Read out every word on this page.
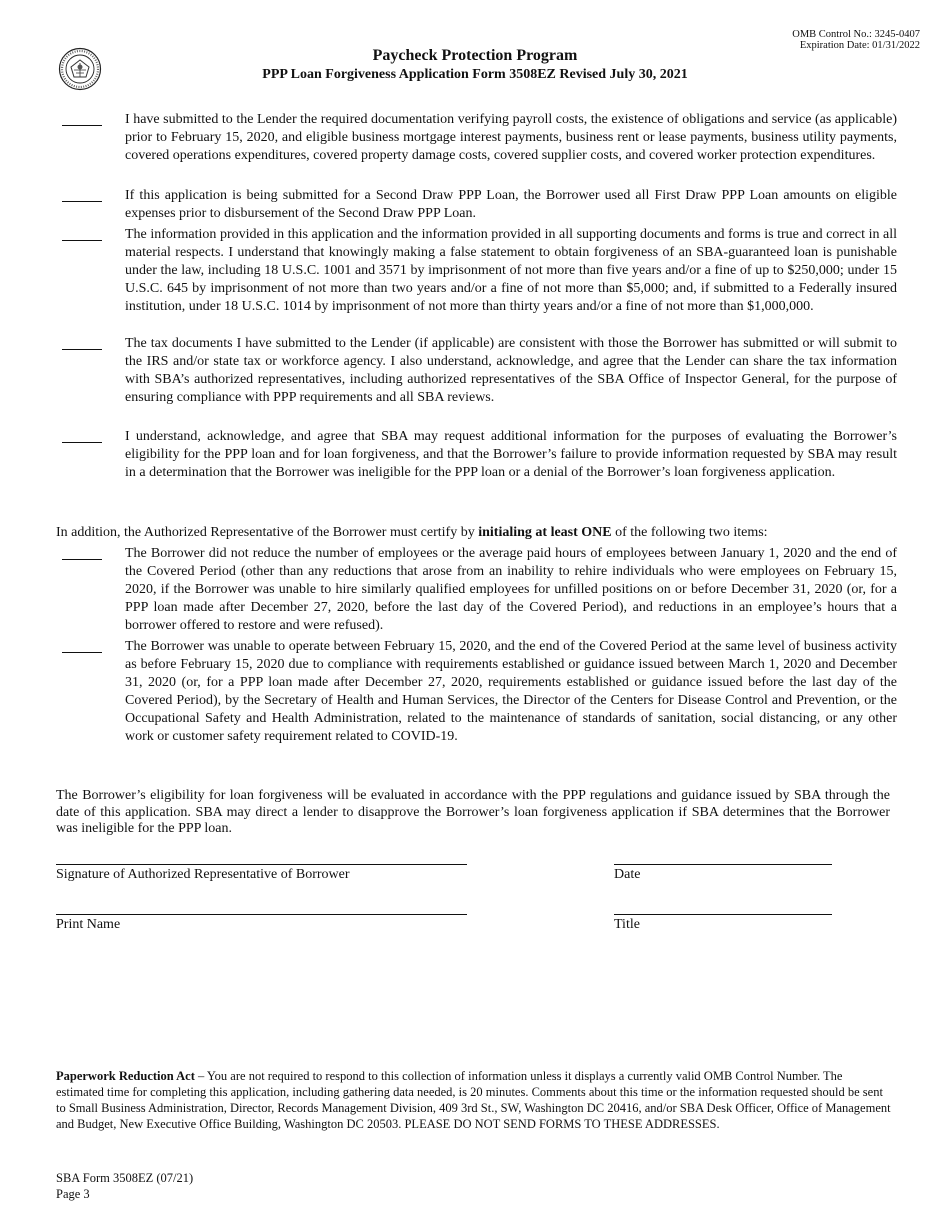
OMB Control No.: 3245-0407
Expiration Date: 01/31/2022
Paycheck Protection Program
PPP Loan Forgiveness Application Form 3508EZ Revised July 30, 2021
I have submitted to the Lender the required documentation verifying payroll costs, the existence of obligations and service (as applicable) prior to February 15, 2020, and eligible business mortgage interest payments, business rent or lease payments, business utility payments, covered operations expenditures, covered property damage costs, covered supplier costs, and covered worker protection expenditures.
If this application is being submitted for a Second Draw PPP Loan, the Borrower used all First Draw PPP Loan amounts on eligible expenses prior to disbursement of the Second Draw PPP Loan.
The information provided in this application and the information provided in all supporting documents and forms is true and correct in all material respects. I understand that knowingly making a false statement to obtain forgiveness of an SBA-guaranteed loan is punishable under the law, including 18 U.S.C. 1001 and 3571 by imprisonment of not more than five years and/or a fine of up to $250,000; under 15 U.S.C. 645 by imprisonment of not more than two years and/or a fine of not more than $5,000; and, if submitted to a Federally insured institution, under 18 U.S.C. 1014 by imprisonment of not more than thirty years and/or a fine of not more than $1,000,000.
The tax documents I have submitted to the Lender (if applicable) are consistent with those the Borrower has submitted or will submit to the IRS and/or state tax or workforce agency. I also understand, acknowledge, and agree that the Lender can share the tax information with SBA’s authorized representatives, including authorized representatives of the SBA Office of Inspector General, for the purpose of ensuring compliance with PPP requirements and all SBA reviews.
I understand, acknowledge, and agree that SBA may request additional information for the purposes of evaluating the Borrower’s eligibility for the PPP loan and for loan forgiveness, and that the Borrower’s failure to provide information requested by SBA may result in a determination that the Borrower was ineligible for the PPP loan or a denial of the Borrower’s loan forgiveness application.
In addition, the Authorized Representative of the Borrower must certify by initialing at least ONE of the following two items:
The Borrower did not reduce the number of employees or the average paid hours of employees between January 1, 2020 and the end of the Covered Period (other than any reductions that arose from an inability to rehire individuals who were employees on February 15, 2020, if the Borrower was unable to hire similarly qualified employees for unfilled positions on or before December 31, 2020 (or, for a PPP loan made after December 27, 2020, before the last day of the Covered Period), and reductions in an employee’s hours that a borrower offered to restore and were refused).
The Borrower was unable to operate between February 15, 2020, and the end of the Covered Period at the same level of business activity as before February 15, 2020 due to compliance with requirements established or guidance issued between March 1, 2020 and December 31, 2020 (or, for a PPP loan made after December 27, 2020, requirements established or guidance issued before the last day of the Covered Period), by the Secretary of Health and Human Services, the Director of the Centers for Disease Control and Prevention, or the Occupational Safety and Health Administration, related to the maintenance of standards of sanitation, social distancing, or any other work or customer safety requirement related to COVID-19.
The Borrower’s eligibility for loan forgiveness will be evaluated in accordance with the PPP regulations and guidance issued by SBA through the date of this application. SBA may direct a lender to disapprove the Borrower’s loan forgiveness application if SBA determines that the Borrower was ineligible for the PPP loan.
Signature of Authorized Representative of Borrower	Date
Print Name	Title
Paperwork Reduction Act – You are not required to respond to this collection of information unless it displays a currently valid OMB Control Number. The estimated time for completing this application, including gathering data needed, is 20 minutes. Comments about this time or the information requested should be sent to Small Business Administration, Director, Records Management Division, 409 3rd St., SW, Washington DC 20416, and/or SBA Desk Officer, Office of Management and Budget, New Executive Office Building, Washington DC 20503. PLEASE DO NOT SEND FORMS TO THESE ADDRESSES.
SBA Form 3508EZ (07/21)
Page 3
